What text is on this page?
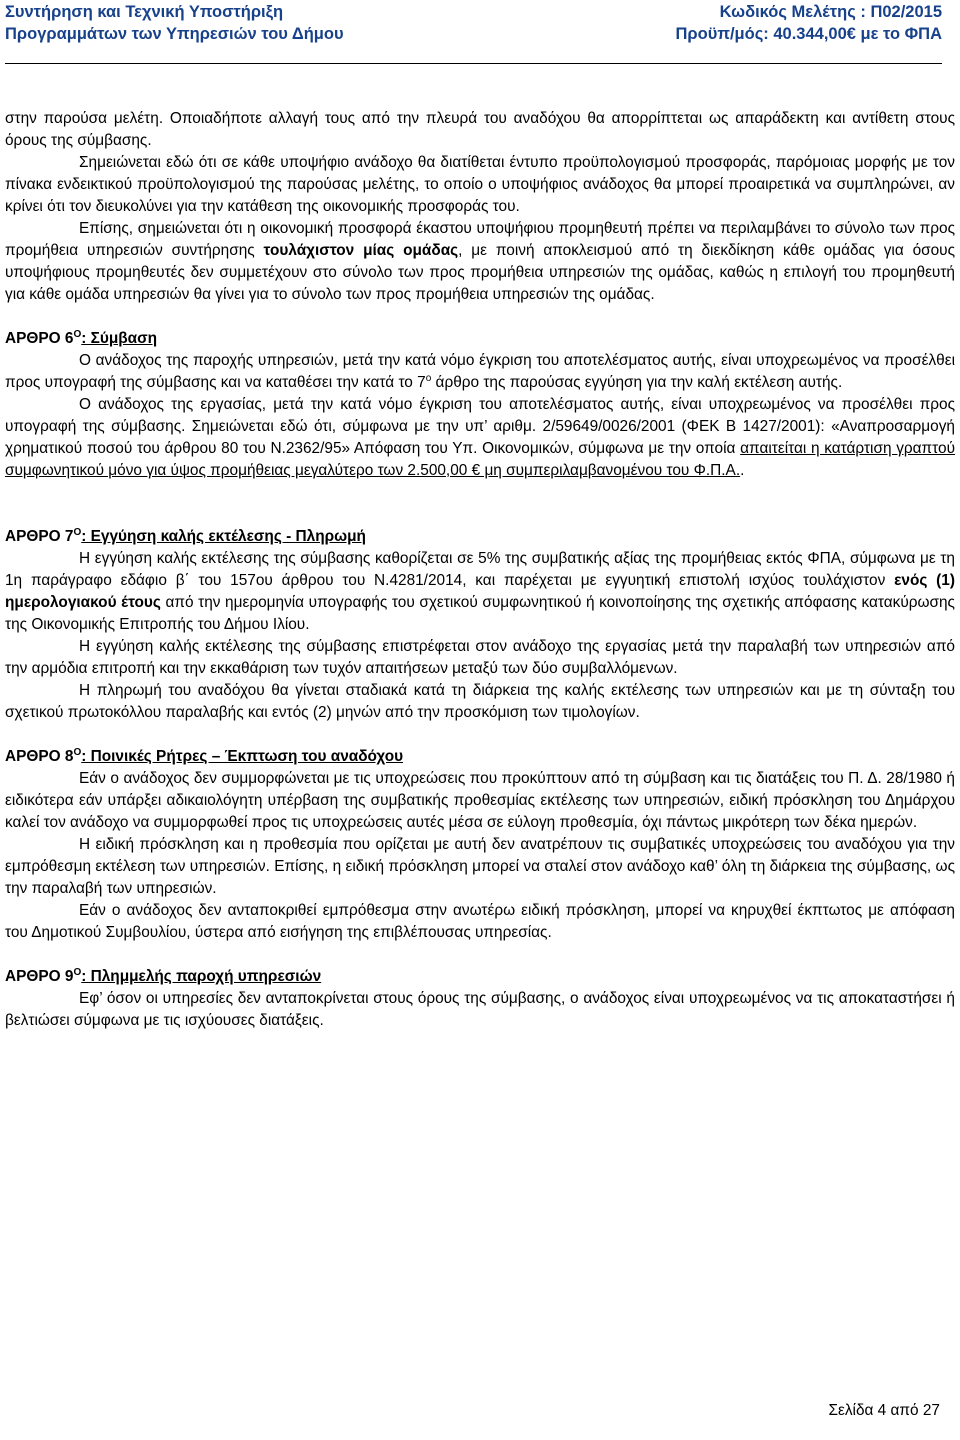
Συντήρηση και Τεχνική Υποστήριξη
Προγραμμάτων των Υπηρεσιών του Δήμου
Κωδικός Μελέτης : Π02/2015
Προϋπ/μός: 40.344,00€ με το ΦΠΑ

στην παρούσα μελέτη. Οποιαδήποτε αλλαγή τους από την πλευρά του αναδόχου θα απορρίπτεται ως απαράδεκτη και αντίθετη στους όρους της σύμβασης.

Σημειώνεται εδώ ότι σε κάθε υποψήφιο ανάδοχο θα διατίθεται έντυπο προϋπολογισμού προσφοράς, παρόμοιας μορφής με τον πίνακα ενδεικτικού προϋπολογισμού της παρούσας μελέτης, το οποίο ο υποψήφιος ανάδοχος θα μπορεί προαιρετικά να συμπληρώνει, αν κρίνει ότι τον διευκολύνει για την κατάθεση της οικονομικής προσφοράς του.

Επίσης, σημειώνεται ότι η οικονομική προσφορά έκαστου υποψήφιου προμηθευτή πρέπει να περιλαμβάνει το σύνολο των προς προμήθεια υπηρεσιών συντήρησης τουλάχιστον μίας ομάδας, με ποινή αποκλεισμού από τη διεκδίκηση κάθε ομάδας για όσους υποψήφιους προμηθευτές δεν συμμετέχουν στο σύνολο των προς προμήθεια υπηρεσιών της ομάδας, καθώς η επιλογή του προμηθευτή για κάθε ομάδα υπηρεσιών θα γίνει για το σύνολο των προς προμήθεια υπηρεσιών της ομάδας.

ΑΡΘΡΟ $6^O$: Σύμβαση

Ο ανάδοχος της παροχής υπηρεσιών, μετά την κατά νόμο έγκριση του αποτελέσματος αυτής, είναι υποχρεωμένος να προσέλθει προς υπογραφή της σύμβασης και να καταθέσει την κατά το $7^o$ άρθρο της παρούσας εγγύηση για την καλή εκτέλεση αυτής.

Ο ανάδοχος της εργασίας, μετά την κατά νόμο έγκριση του αποτελέσματος αυτής, είναι υποχρεωμένος να προσέλθει προς υπογραφή της σύμβασης. Σημειώνεται εδώ ότι, σύμφωνα με την υπ’ αριθμ. 2/59649/0026/2001 (ΦΕΚ Β 1427/2001): «Αναπροσαρμογή χρηματικού ποσού του άρθρου 80 του Ν.2362/95» Απόφαση του Υπ. Οικονομικών, σύμφωνα με την οποία απαιτείται η κατάρτιση γραπτού συμφωνητικού μόνο για ύψος προμήθειας μεγαλύτερο των 2.500,00 € μη συμπεριλαμβανομένου του Φ.Π.Α..

ΑΡΘΡΟ $7^O$: Εγγύηση καλής εκτέλεσης - Πληρωμή

Η εγγύηση καλής εκτέλεσης της σύμβασης καθορίζεται σε 5% της συμβατικής αξίας της προμήθειας εκτός ΦΠΑ, σύμφωνα με τη 1η παράγραφο εδάφιο β΄ του 157ου άρθρου του Ν.4281/2014, και παρέχεται με εγγυητική επιστολή ισχύος τουλάχιστον ενός (1) ημερολογιακού έτους από την ημερομηνία υπογραφής του σχετικού συμφωνητικού ή κοινοποίησης της σχετικής απόφασης κατακύρωσης της Οικονομικής Επιτροπής του Δήμου Ιλίου.

Η εγγύηση καλής εκτέλεσης της σύμβασης επιστρέφεται στον ανάδοχο της εργασίας μετά την παραλαβή των υπηρεσιών από την αρμόδια επιτροπή και την εκκαθάριση των τυχόν απαιτήσεων μεταξύ των δύο συμβαλλόμενων.

Η πληρωμή του αναδόχου θα γίνεται σταδιακά κατά τη διάρκεια της καλής εκτέλεσης των υπηρεσιών και με τη σύνταξη του σχετικού πρωτοκόλλου παραλαβής και εντός (2) μηνών από την προσκόμιση των τιμολογίων.

ΑΡΘΡΟ $8^O$: Ποινικές Ρήτρες – Έκπτωση του αναδόχου

Εάν ο ανάδοχος δεν συμμορφώνεται με τις υποχρεώσεις που προκύπτουν από τη σύμβαση και τις διατάξεις του Π. Δ. 28/1980 ή ειδικότερα εάν υπάρξει αδικαιολόγητη υπέρβαση της συμβατικής προθεσμίας εκτέλεσης των υπηρεσιών, ειδική πρόσκληση του Δημάρχου καλεί τον ανάδοχο να συμμορφωθεί προς τις υποχρεώσεις αυτές μέσα σε εύλογη προθεσμία, όχι πάντως μικρότερη των δέκα ημερών.

Η ειδική πρόσκληση και η προθεσμία που ορίζεται με αυτή δεν ανατρέπουν τις συμβατικές υποχρεώσεις του αναδόχου για την εμπρόθεσμη εκτέλεση των υπηρεσιών. Επίσης, η ειδική πρόσκληση μπορεί να σταλεί στον ανάδοχο καθ’ όλη τη διάρκεια της σύμβασης, ως την παραλαβή των υπηρεσιών.

Εάν ο ανάδοχος δεν ανταποκριθεί εμπρόθεσμα στην ανωτέρω ειδική πρόσκληση, μπορεί να κηρυχθεί έκπτωτος με απόφαση του Δημοτικού Συμβουλίου, ύστερα από εισήγηση της επιβλέπουσας υπηρεσίας.

ΑΡΘΡΟ $9^O$: Πλημμελής παροχή υπηρεσιών

Εφ’ όσον οι υπηρεσίες δεν ανταποκρίνεται στους όρους της σύμβασης, ο ανάδοχος είναι υποχρεωμένος να τις αποκαταστήσει ή βελτιώσει σύμφωνα με τις ισχύουσες διατάξεις.

Σελίδα 4 από 27
